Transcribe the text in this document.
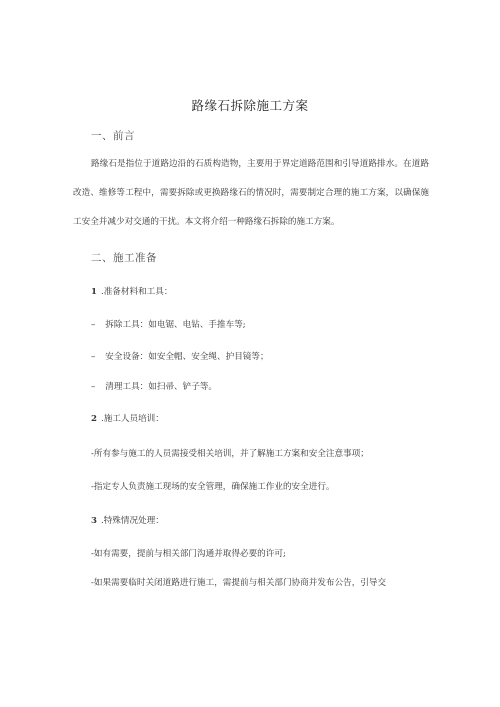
路缘石拆除施工方案
一、前言
路缘石是指位于道路边沿的石质构造物，主要用于界定道路范围和引导道路排水。在道路改造、维修等工程中，需要拆除或更换路缘石的情况时，需要制定合理的施工方案，以确保施工安全并减少对交通的干扰。本文将介绍一种路缘石拆除的施工方案。
二、施工准备
1 .准备材料和工具：
– 拆除工具：如电锯、电钻、手推车等;
– 安全设备：如安全帽、安全绳、护目镜等；
– 清理工具：如扫帚、铲子等。
2 .施工人员培训：
-所有参与施工的人员需接受相关培训，并了解施工方案和安全注意事项；
-指定专人负责施工现场的安全管理，确保施工作业的安全进行。
3 .特殊情况处理：
-如有需要，提前与相关部门沟通并取得必要的许可;
-如果需要临时关闭道路进行施工，需提前与相关部门协商并发布公告，引导交
